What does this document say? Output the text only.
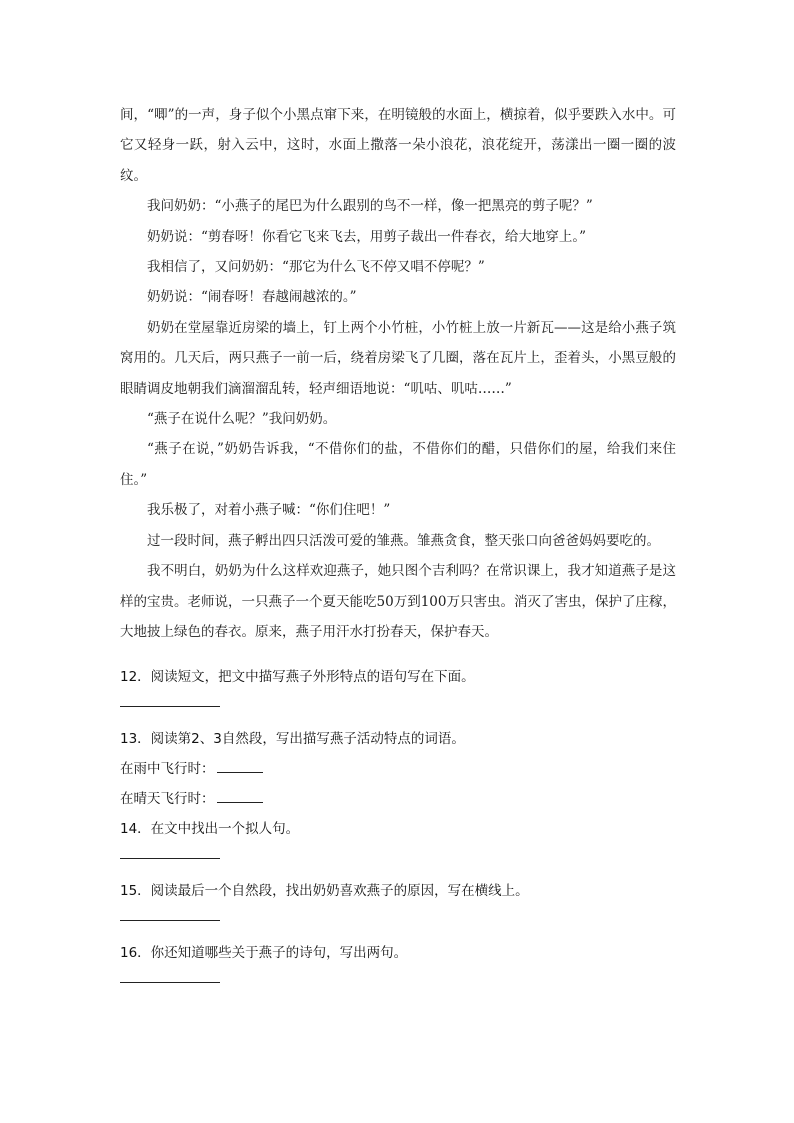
间，“唧”的一声，身子似个小黑点窜下来，在明镜般的水面上，横掠着，似乎要跌入水中。可它又轻身一跃，射入云中，这时，水面上撒落一朵小浪花，浪花绽开，荡漾出一圈一圈的波纹。

我问奶奶：“小燕子的尾巴为什么跟别的鸟不一样，像一把黑亮的剪子呢？”

奶奶说：“剪春呀！你看它飞来飞去，用剪子裁出一件春衣，给大地穿上。”

我相信了，又问奶奶：“那它为什么飞不停又唱不停呢？”

奶奶说：“闹春呀！春越闹越浓的。”

奶奶在堂屋靠近房梁的墙上，钉上两个小竹桩，小竹桩上放一片新瓦——这是给小燕子筑窝用的。几天后，两只燕子一前一后，绕着房梁飞了几圈，落在瓦片上，歪着头，小黑豆般的眼睛调皮地朝我们滴溜溜乱转，轻声细语地说：“叽咕、叽咕……”

“燕子在说什么呢？”我问奶奶。

“燕子在说，”奶奶告诉我，“不借你们的盐，不借你们的醋，只借你们的屋，给我们来住住。”

我乐极了，对着小燕子喊：“你们住吧！”

过一段时间，燕子孵出四只活泼可爱的雏燕。雏燕贪食，整天张口向爸爸妈妈要吃的。

我不明白，奶奶为什么这样欢迎燕子，她只图个吉利吗？在常识课上，我才知道燕子是这样的宝贵。老师说，一只燕子一个夏天能吃50万到100万只害虫。消灭了害虫，保护了庄稼，大地披上绿色的春衣。原来，燕子用汗水打扮春天，保护春天。

12．阅读短文，把文中描写燕子外形特点的语句写在下面。

13．阅读第2、3自然段，写出描写燕子活动特点的词语。

在雨中飞行时：

在晴天飞行时：

14．在文中找出一个拟人句。

15．阅读最后一个自然段，找出奶奶喜欢燕子的原因，写在横线上。

16．你还知道哪些关于燕子的诗句，写出两句。
